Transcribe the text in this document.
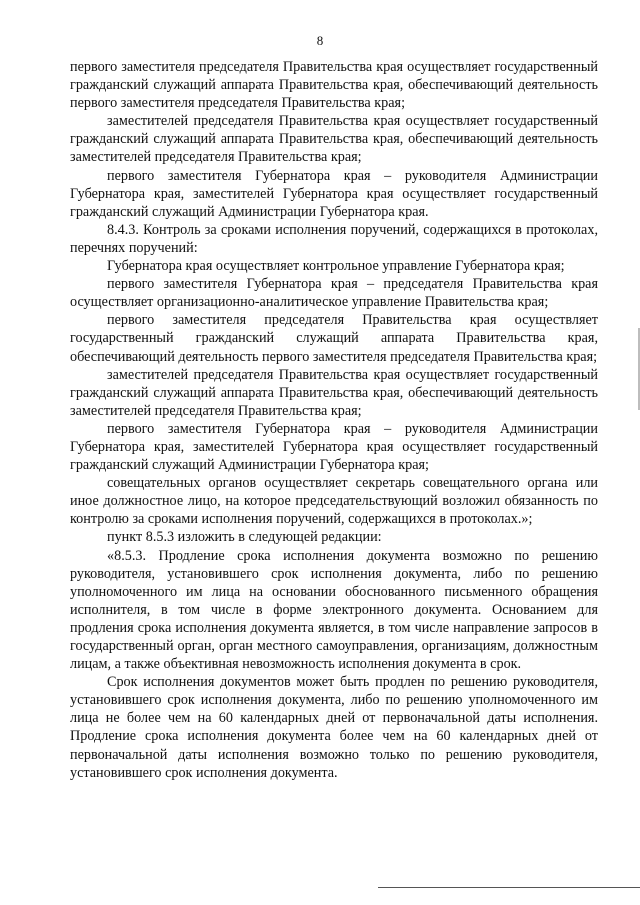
8

первого заместителя председателя Правительства края осуществляет государственный гражданский служащий аппарата Правительства края, обеспечивающий деятельность первого заместителя председателя Правительства края;

заместителей председателя Правительства края осуществляет государственный гражданский служащий аппарата Правительства края, обеспечивающий деятельность заместителей председателя Правительства края;

первого заместителя Губернатора края – руководителя Администрации Губернатора края, заместителей Губернатора края осуществляет государственный гражданский служащий Администрации Губернатора края.

8.4.3. Контроль за сроками исполнения поручений, содержащихся в протоколах, перечнях поручений:

Губернатора края осуществляет контрольное управление Губернатора края;

первого заместителя Губернатора края – председателя Правительства края осуществляет организационно-аналитическое управление Правительства края;

первого заместителя председателя Правительства края осуществляет государственный гражданский служащий аппарата Правительства края, обеспечивающий деятельность первого заместителя председателя Правительства края;

заместителей председателя Правительства края осуществляет государственный гражданский служащий аппарата Правительства края, обеспечивающий деятельность заместителей председателя Правительства края;

первого заместителя Губернатора края – руководителя Администрации Губернатора края, заместителей Губернатора края осуществляет государственный гражданский служащий Администрации Губернатора края;

совещательных органов осуществляет секретарь совещательного органа или иное должностное лицо, на которое председательствующий возложил обязанность по контролю за сроками исполнения поручений, содержащихся в протоколах.»;

пункт 8.5.3 изложить в следующей редакции:

«8.5.3. Продление срока исполнения документа возможно по решению руководителя, установившего срок исполнения документа, либо по решению уполномоченного им лица на основании обоснованного письменного обращения исполнителя, в том числе в форме электронного документа. Основанием для продления срока исполнения документа является, в том числе направление запросов в государственный орган, орган местного самоуправления, организациям, должностным лицам, а также объективная невозможность исполнения документа в срок.

Срок исполнения документов может быть продлен по решению руководителя, установившего срок исполнения документа, либо по решению уполномоченного им лица не более чем на 60 календарных дней от первоначальной даты исполнения. Продление срока исполнения документа более чем на 60 календарных дней от первоначальной даты исполнения возможно только по решению руководителя, установившего срок исполнения документа.
